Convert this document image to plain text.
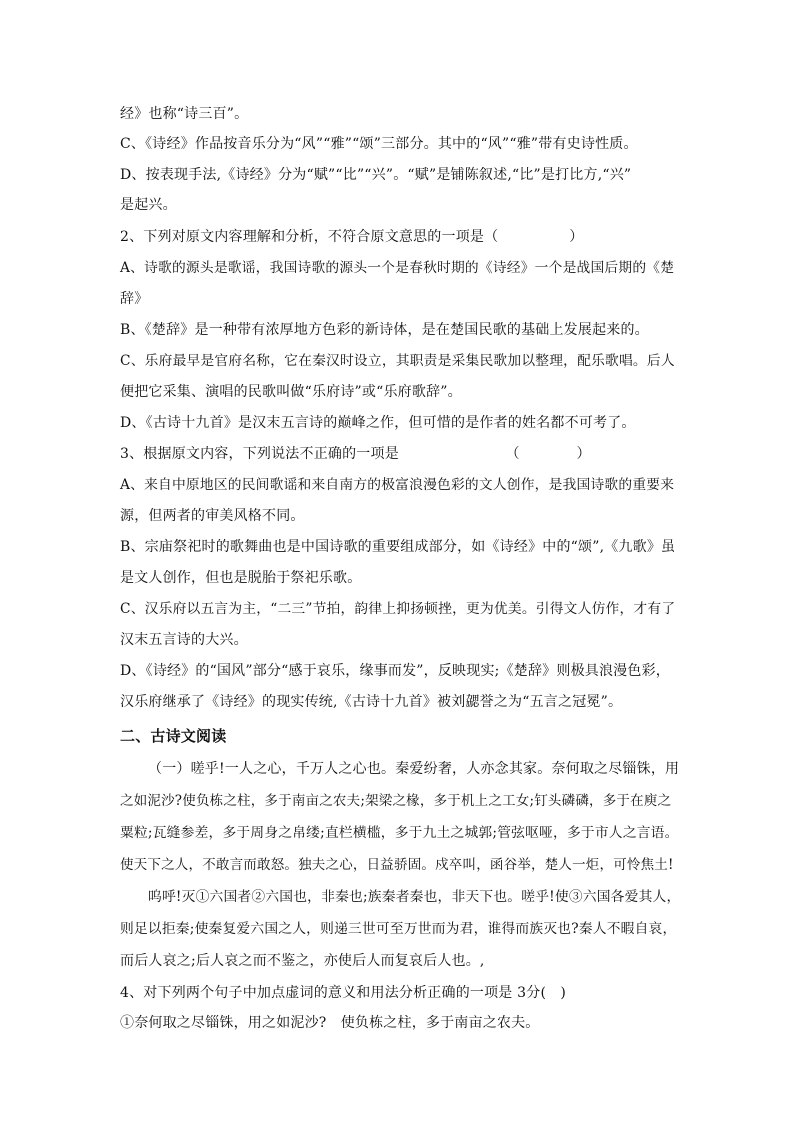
经》也称“诗三百”。
C、《诗经》作品按音乐分为“风”“雅”“颂”三部分。其中的“风”“雅”带有史诗性质。
D、按表现手法,《诗经》分为“赋”“比”“兴”。“赋”是铺陈叙述,“比”是打比方,“兴”
是起兴。
2、下列对原文内容理解和分析，不符合原文意思的一项是（　　　　　）
A、诗歌的源头是歌谣，我国诗歌的源头一个是春秋时期的《诗经》一个是战国后期的《楚
辞》
B、《楚辞》是一种带有浓厚地方色彩的新诗体，是在楚国民歌的基础上发展起来的。
C、乐府最早是官府名称，它在秦汉时设立，其职责是采集民歌加以整理，配乐歌唱。后人
便把它采集、演唱的民歌叫做“乐府诗”或“乐府歌辞”。
D、《古诗十九首》是汉末五言诗的巅峰之作，但可惜的是作者的姓名都不可考了。
3、根据原文内容，下列说法不正确的一项是　　　　　　　　（　　　　）
A、来自中原地区的民间歌谣和来自南方的极富浪漫色彩的文人创作，是我国诗歌的重要来
源，但两者的审美风格不同。
B、宗庙祭祀时的歌舞曲也是中国诗歌的重要组成部分，如《诗经》中的“颂”,《九歌》虽
是文人创作，但也是脱胎于祭祀乐歌。
C、汉乐府以五言为主，“二三”节拍，韵律上抑扬顿挫，更为优美。引得文人仿作，才有了
汉末五言诗的大兴。
D、《诗经》的“国风”部分“感于哀乐，缘事而发”，反映现实;《楚辞》则极具浪漫色彩，
汉乐府继承了《诗经》的现实传统,《古诗十九首》被刘勰誉之为“五言之冠冕”。
二、古诗文阅读
（一）嗟乎!一人之心，千万人之心也。秦爱纷奢，人亦念其家。奈何取之尽锱铢，用
之如泥沙?使负栋之柱，多于南亩之农夫;架梁之椽，多于机上之工女;钉头磷磷，多于在庾之
粟粒;瓦缝参差，多于周身之帛缕;直栏横槛，多于九土之城郭;管弦呕哑，多于市人之言语。
使天下之人，不敢言而敢怒。独夫之心，日益骄固。戍卒叫，函谷举，楚人一炬，可怜焦土!
呜呼!灭①六国者②六国也，非秦也;族秦者秦也，非天下也。嗟乎!使③六国各爱其人，
则足以拒秦;使秦复爱六国之人，则递三世可至万世而为君，谁得而族灭也?秦人不暇自哀，
而后人哀之;后人哀之而不鉴之，亦使后人而复哀后人也。,
4、对下列两个句子中加点虚词的意义和用法分析正确的一项是 3分(　)
①奈何取之尽锱铢，用之如泥沙?　使负栋之柱，多于南亩之农夫。
